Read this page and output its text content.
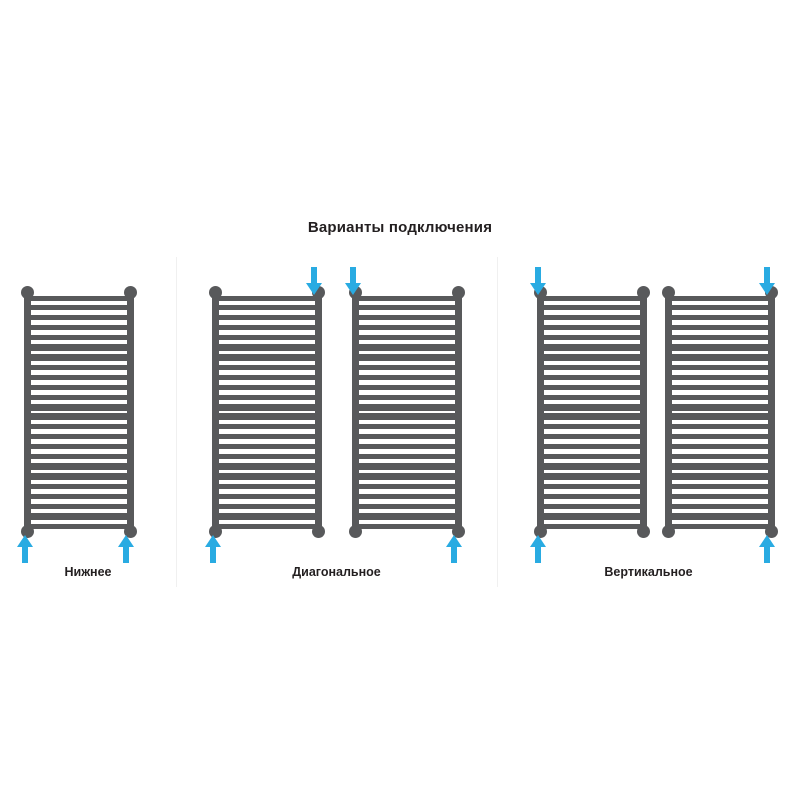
Варианты подключения
Нижнее	Диагональное	Вертикальное
